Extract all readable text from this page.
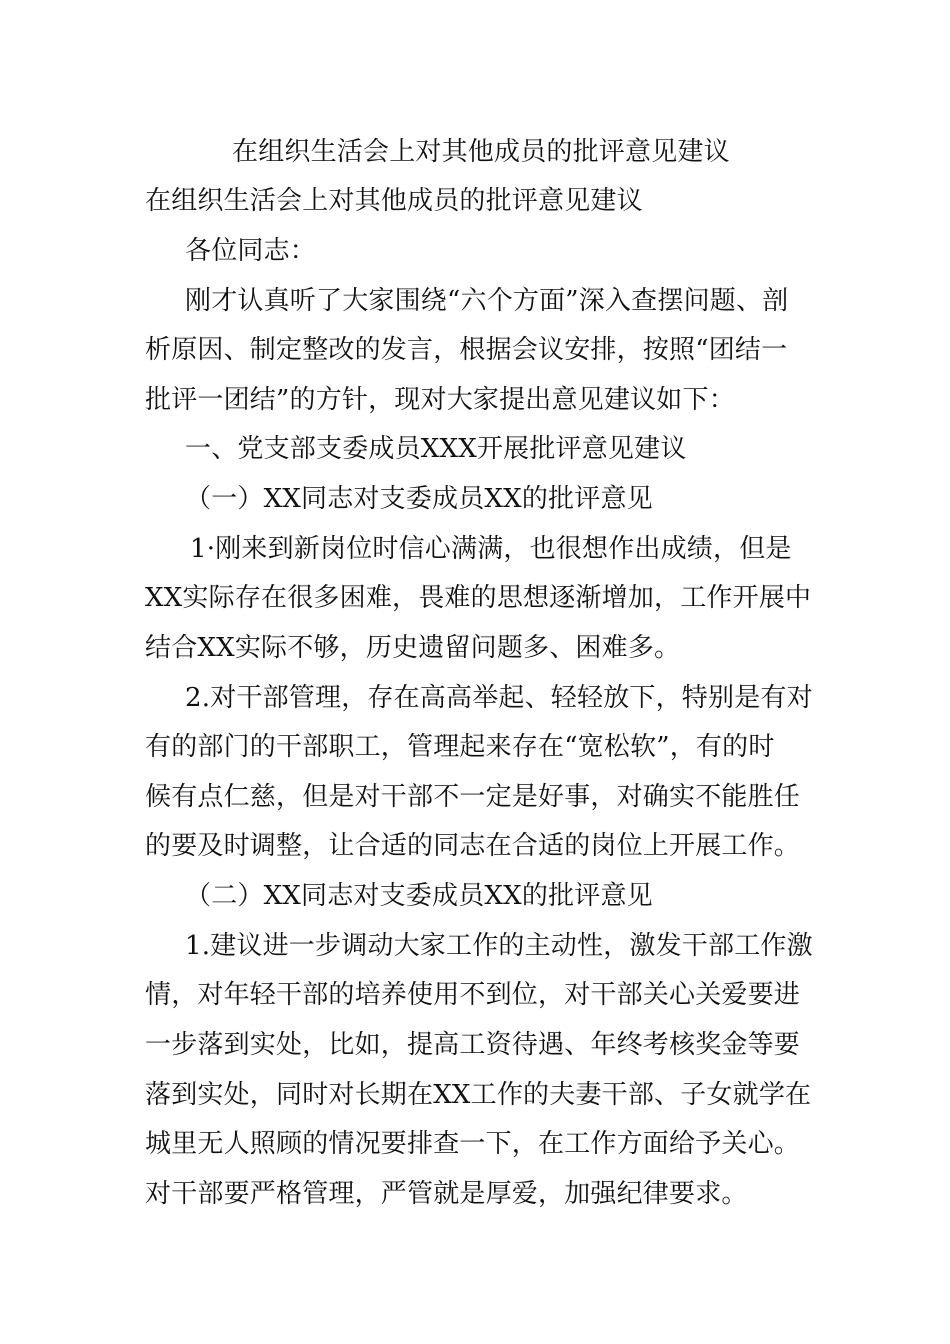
在组织生活会上对其他成员的批评意见建议
在组织生活会上对其他成员的批评意见建议
各位同志：
刚才认真听了大家围绕“六个方面”深入查摆问题、剖
析原因、制定整改的发言，根据会议安排，按照“团结一
批评一团结”的方针，现对大家提出意见建议如下：
一、党支部支委成员XXX开展批评意见建议
（一）XX同志对支委成员XX的批评意见
1·刚来到新岗位时信心满满，也很想作出成绩，但是
XX实际存在很多困难，畏难的思想逐渐增加，工作开展中
结合XX实际不够，历史遗留问题多、困难多。
2.对干部管理，存在高高举起、轻轻放下，特别是有对
有的部门的干部职工，管理起来存在“宽松软”，有的时
候有点仁慈，但是对干部不一定是好事，对确实不能胜任
的要及时调整，让合适的同志在合适的岗位上开展工作。
（二）XX同志对支委成员XX的批评意见
1.建议进一步调动大家工作的主动性，激发干部工作激
情，对年轻干部的培养使用不到位，对干部关心关爱要进
一步落到实处，比如，提高工资待遇、年终考核奖金等要
落到实处，同时对长期在XX工作的夫妻干部、子女就学在
城里无人照顾的情况要排查一下，在工作方面给予关心。
对干部要严格管理，严管就是厚爱，加强纪律要求。
